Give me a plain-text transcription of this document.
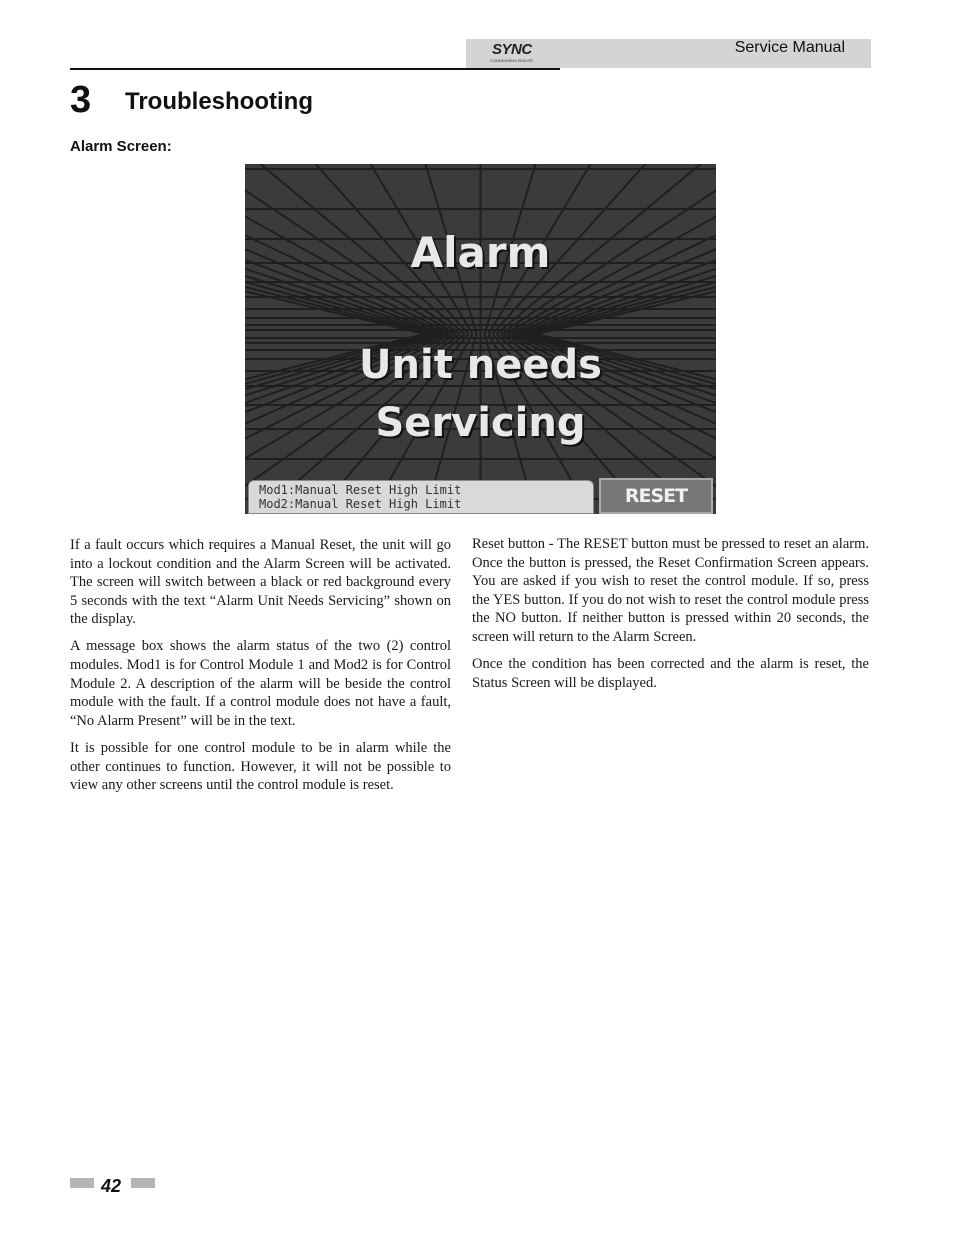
SYNC
CONDENSING BOILER
Service Manual
3 Troubleshooting
Alarm Screen:
Alarm
Unit needs
Servicing
Mod1:Manual Reset High Limit
Mod2:Manual Reset High Limit	RESET

If a fault occurs which requires a Manual Reset, the unit will go into a lockout condition and the Alarm Screen will be activated. The screen will switch between a black or red background every 5 seconds with the text “Alarm Unit Needs Servicing” shown on the display.

A message box shows the alarm status of the two (2) control modules. Mod1 is for Control Module 1 and Mod2 is for Control Module 2. A description of the alarm will be beside the control module with the fault. If a control module does not have a fault, “No Alarm Present” will be in the text.

It is possible for one control module to be in alarm while the other continues to function. However, it will not be possible to view any other screens until the control module is reset.

Reset button - The RESET button must be pressed to reset an alarm. Once the button is pressed, the Reset Confirmation Screen appears. You are asked if you wish to reset the control module. If so, press the YES button. If you do not wish to reset the control module press the NO button. If neither button is pressed within 20 seconds, the screen will return to the Alarm Screen.

Once the condition has been corrected and the alarm is reset, the Status Screen will be displayed.

42
